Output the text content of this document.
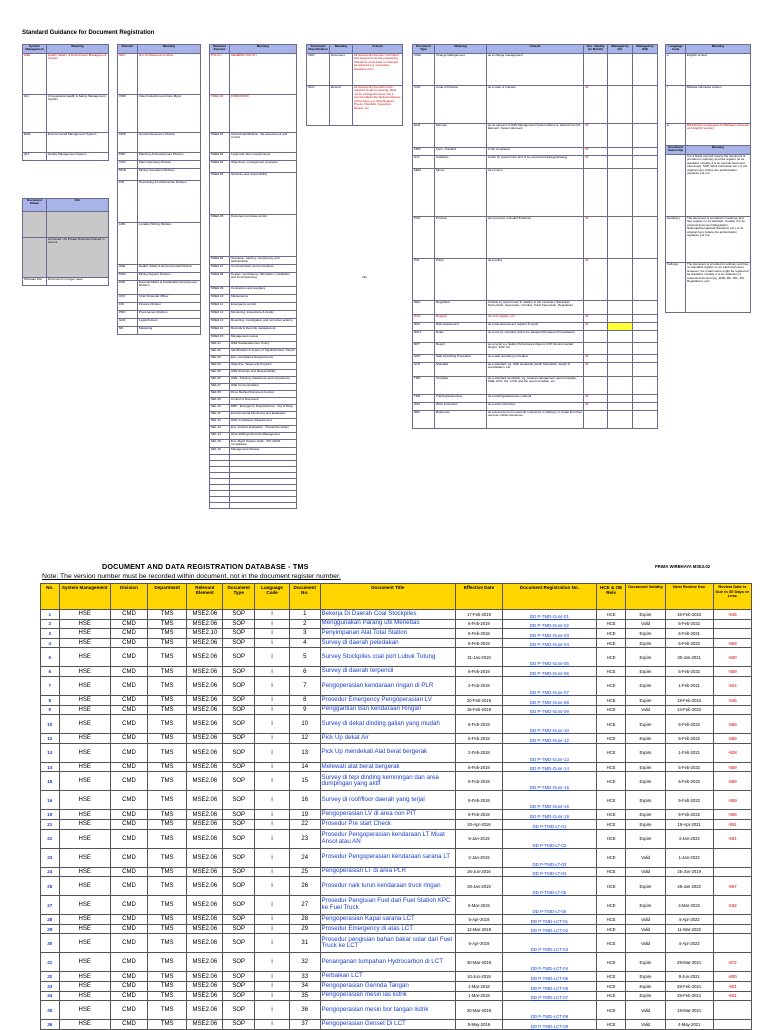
Standard Guidance for Document Registration
System Management	Meaning
HSE	Health, Safety, & Environment Management System
GH	Occupational Health & Safety Management System
EMS	Environmental Management System
QLT	Quality Management System
Document Status	Info

	As Issued / As Private Document issued in current
Obsolete Doc	Document no longer used
Division	Meaning
NRC	Not Yet Relevant Controls
CMD	Client Induction and Care Mgmt
MCB	Human Resources Division
PDD	Planning & Development Division
COD	Plant Operating Division
MOD	Mining Operations Division
PID	Processing & Infrastructure Division
LMD	Location Mining Division
HSE	Health, Safety & Environmental Division
MSD	Mining Support Division
ESD	External Affairs & Sustainable Development Division
CFO	Chief Financial Officer
FIN	Finance Division
PRO	Procurement Division
GAD	Legal Division
MK	Marketing
Relevant Element	Meaning
POLICY	GENERAL POLICY
MSE2.00	FOREWORD
MSE2.01	Hazard identification, risk assessment and control
MSE2.02	Legal and other requirements
MSE2.03	Objectives, management programs
MSE2.04	Structure and responsibility
MSE2.05	Document and data control
MSE2.06	Operation, training, competency and authorization
MSE2.07	Communication and procedures
MSE2.08	Design / purchasing / fabrication, installation and commissioning
MSE2.09	Contractors and suppliers
MSE2.10	Maintenance
MSE2.11	Emergency control
MSE2.12	Monitoring, Inspections & Audits
MSE2.13	Reporting, investigation and corrective actions
MSE2.14	Records & Records management
MSE2.15	Management review
SE1.01	HSE Sustainable Dev. Policy
SE1.02	Identification & Aspect of Significant Env. Aspect
SE1.03	Env. Compliance Requirements
SE1.04	Objective, Target and Program
SE1.05	HSE Structure and Responsibility
SE1.06	HSE - Training, Awareness and competence
SE1.07	HSE Communication
SE1.08	Drive Method Document Control
SE1.09	Control of Document
SE1.10	ERP - Emergency Preparedness - Org & Resp.
SE1.11	Environmental Monitoring and Evaluation
SE1.12	HSE Compliance Requirement
SE1.13	Env. Incident Evaluation - Preventive Action
SE1.14	Drive Drillings Records Management
SE1.15	Env. Mgmt System Audit - ISO 14001 Compliance
SE1.16	Management Review

Document Classification	Meaning	Criteria
CND	Document	All documents that are Controlled and support to be the processing: Should be processed or changed as required e.g. procedure, standard, form
NCD	Record	All documents that will not be required by all processing: Must not be changed however as a record reflects the factual evidence of the thing, e.g. Risk Register, Pre-op Checklist, Inspection Report, etc.
Info
Document Type	Meaning	Criteria	Doc. Validity (in Month)	Managed by Div	Managed by HSE
CMG	Change Management	as a change management			
COP	Code of Practice	as a code of practice	36		
ELM	Element	as an element of HSE Management System Element, Hazard Control Element, System Element	36		
FRM	Form, checklist	in file completed	36		
GUI	Guideline	Guide for government and to be executed (strategy/strategy	36		
MEM	Memo	as a memo			
PCD	Process	as a process, included flowchart	36		
POL	Policy	as a policy	36		
REG	Regulation	Outside by government in relation to the execution (Peraturan Pemerintah, Keputusan, Instruksi, Surat Keputusan, Regulation)			
RGD	Register	as a list register, etc.	36		
RSK	Risk Assessment	as a risk assessment register & report	24		
RSLT	Rules	as a rule by company and to be adopted (Peraturan Perusahaan)			
RPT	Report	as a report eg. Safety Performance Report, KCP, Environmental Report, ESP, etc.			
SOP	Safe Operating Procedure	as a safe operating procedure	36		
STD	Standard	as a standard, eg. HSE standards (Hold) Standards, design & specification, etc.	36		
TMP	Template	as a standard templates, eg. manual management report template, MSE, HCP, GIL, COP, and the report template, etc.			
TRN	Training/awareness	as a training/awareness material	36		
WIN	Work Instruction	as a work instruction	36		
REF	Reference	as a document form external / reference in softcopy or model form that used as critical references			
Language Code	Meaning
e	English version
i	Bahasa Indonesia version
ei	BILINGUAL (Languages for Bahasa Indonesia and English version)
Document Ownership	Meaning
	It is a blank cell and means the document is provided in softcopy and has register no as standard. Usually, it is an internal document (document, SOP, Work Instruction etc.) or (its original copy (where the authorization signature put on).
Hardcopy	The document is provided in hardcopy and has register no as standard. Usually, it is an external document (Regulation, National/International Standard, etc.) or its original copy (where the authorization signature put on).
Softcopy	The document is provided in softcopy and has no standard register no for each document. However, the model name might be registered as standard. Usually, it is an collection of external document (eg. ANSI, BS, ISO, JIS, Regulations, etc)
DOCUMENT AND DATA REGISTRATION DATABASE - TMS	PRIMA WIRBHAYA MSE2.02
Note: The version number must be recorded within document, not in the document register number.
No.	System Management	Division	Department	Relevant Element	Document Type	Language Code	Document No.	Document Title	Effective Date	Document Registration No.	HCE & OE Reiv	Document Validity	Next Review Due	Review Date Is Due in 30 Days or Less
1	HSE	CMD	TMS	MSE2.06	SOP	i	1	Bekerja Di Daerah Coal Stockpiles	17-Feb-2019	DD P-TMD-Gunr-01	HCE	Expire	16-Feb-2022	-545
2	HSE	CMD	TMS	MSE2.06	SOP	i	2	Menggunakan Parang utk Menebas	6-Feb-2019	DD P-TMD-Gunr-02	HCE	Valid	5-Feb-2022	
3	HSE	CMD	TMS	MSE2.10	SOP	i	3	Penyimpanan Alat Total Station	6-Feb-2018	DD P-TMD-Gunr-03	HCE	Expire	5-Feb-2021	
4	HSE	CMD	TMS	MSE2.06	SOP	i	4	Survey di daerah peledakan	6-Feb-2019	DD P-TMD-Gunr-04	HCE	Expire	5-Feb-2022	-559
5	HSE	CMD	TMS	MSE2.06	SOP	i	5	Survey Stockpiles coal port Lubuk Tutung	31-Jan-2018	DD P-TMD-Gunr-05	HCE	Expire	30-Jan-2021	-930
6	HSE	CMD	TMS	MSE2.06	SOP	i	6	Survey di daerah terpencil	6-Feb-2019	DD P-TMD-Gunr-06	HCE	Expire	5-Feb-2022	-559
7	HSE	CMD	TMS	MSE2.06	SOP	i	7	Pengoperasian kendaraan ringan di PLR	2-Feb-2018	DD P-TMD-Gunr-07	HCE	Expire	1-Feb-2021	-924
8	HSE	CMD	TMS	MSE2.06	SOP	i	8	Prosedur Emergency Pengoperasian LV	20-Feb-2019	DD P-TMD-Gunr-08	HCE	Expire	19-Feb-2022	-545
9	HSE	CMD	TMS	MSE2.06	SOP	i	9	Penggantian Ban kendaraan Ringan	15-Feb-2019	DD P-TMD-Gunr-09	HCE	Valid	14-Feb-2022	
10	HSE	CMD	TMS	MSE2.06	SOP	i	10	Survey di dekat dinding galian yang mudah	6-Feb-2019	DD P-TMD-Gunr-10	HCE	Expire	5-Feb-2022	-559
12	HSE	CMD	TMS	MSE2.06	SOP	i	12	Pick Up dekat Air	6-Feb-2019	DD P-TMD-Gunr-12	HCE	Expire	5-Feb-2022	-559
13	HSE	CMD	TMS	MSE2.06	SOP	i	13	Pick Up mendekati Alat berat bergerak	2-Feb-2018	DD P-TMD-Gunr-13	HCE	Expire	1-Feb-2021	-928
14	HSE	CMD	TMS	MSE2.06	SOP	i	14	Melewati alat berat bergerak	6-Feb-2019	DD P-TMD-Gunr-14	HCE	Expire	5-Feb-2022	-559
15	HSE	CMD	TMS	MSE2.06	SOP	i	15	Survey di tepi dinding kemiringan dan area dumpingan yang aktif	6-Feb-2019	DD P-TMD-Gunr-15	HCE	Expire	5-Feb-2022	-559
16	HSE	CMD	TMS	MSE2.06	SOP	i	16	Survey di roof/floor daerah yang terjal	6-Feb-2019	DD P-TMD-Gunr-16	HCE	Expire	5-Feb-2022	-559
19	HSE	CMD	TMS	MSE2.06	SOP	i	19	Pengoperasian LV di area non PIT	6-Feb-2019	DD P-TMD-Gunr-19	HCE	Expire	5-Feb-2022	-559
21	HSE	CMD	TMS	MSE2.06	SOP	i	22	Prosedur Pre start Check	20-Apr-2018	DD P-TMD-LT-01	HCE	Expire	19-Apr-2021	-851
22	HSE	CMD	TMS	MSE2.06	SOP	i	23	Prosedur Pengoperasian kendaraan LT Muat Ansol atau AN	5-Jan-2019	DD P-TMD-LT-02	HCE	Expire	4-Jan-2022	-591
23	HSE	CMD	TMS	MSE2.06	SOP	i	24	Prosedur Pengoperasian kendaraan sarana LT	2-Jan-2019	DD P-TMD-LT-03	HCE	Valid	1-Jan-2022	
24	HSE	CMD	TMS	MSE2.06	SOP	i	25	Pengoperasian LT di area PLR	26-Jun-2016	DD P-TMD-LT-04	HCE	Valid	25-Jun-2019	
25	HSE	CMD	TMS	MSE2.06	SOP	i	26	Prosedur naik turun kendaraan truck ringan	29-Jan-2019	DD P-TMD-LT-05	HCE	Expire	28-Jan-2022	-567
27	HSE	CMD	TMS	MSE2.06	SOP	i	27	Prosedur Pengisian Fuel dari Fuel Station KPC ke Fuel Truck	5-Mar-2019	DD P-TMD-LT-06	HCE	Expire	4-Mar-2022	-532
28	HSE	CMD	TMS	MSE2.06	SOP	i	28	Pengoperasian Kapal sarana LCT	5-Apr-2019	DD P-TMD-LCT-01	HCE	Valid	4-Apr-2022	
29	HSE	CMD	TMS	MSE2.06	SOP	i	29	Prosedur Emergency di atas LCT	12-Mar-2019	DD P-TMD-LCT-02	HCE	Valid	11-Mar-2022	
30	HSE	CMD	TMS	MSE2.06	SOP	i	31	Prosedur pengisian bahan bakar solar dari Fuel Truck ke LCT	5-Apr-2019	DD P-TMD-LCT-03	HCE	Valid	4-Apr-2022	
31	HSE	CMD	TMS	MSE2.06	SOP	i	32	Penanganan tumpahan Hydrocarbon di LCT	30-Mar-2018	DD P-TMD-LCT-04	HCE	Expire	29-Mar-2021	-872
32	HSE	CMD	TMS	MSE2.06	SOP	i	33	Perbaikan LCT	10-Jun-2018	DD P-TMD-LCT-05	HCE	Expire	9-Jun-2021	-800
33	HSE	CMD	TMS	MSE2.06	SOP	i	34	Pengoperasian Gerinda Tangan	1-Mar-2018	DD P-TMD-LCT-06	HCE	Expire	28-Feb-2021	-901
34	HSE	CMD	TMS	MSE2.06	SOP	i	35	Pengoperasian mesin las listrik	1-Mar-2018	DD P-TMD-LCT-07	HCE	Expire	28-Feb-2021	-901
35	HSE	CMD	TMS	MSE2.06	SOP	i	36	Pengoperasian mesin bor tangan listrik	20-Mar-2018	DD P-TMD-LCT-08	HCE	Valid	19-Mar-2021	
36	HSE	CMD	TMS	MSE2.06	SOP	i	37	Pengoperasian Genset Di LCT	5-May-2019	DD P-TMD-LCT-09	HCE	Valid	4-May-2021	
